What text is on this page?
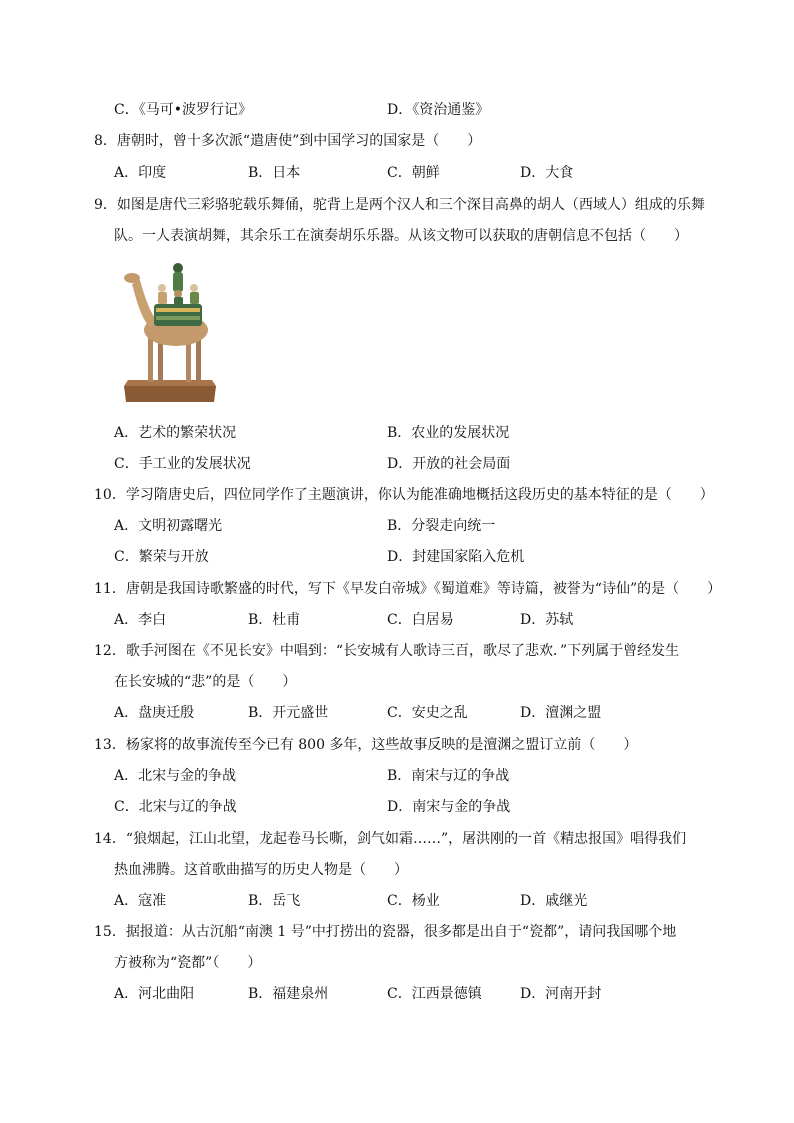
C．《马可•波罗行记》	D．《资治通鉴》
8．唐朝时，曾十多次派“遣唐使”到中国学习的国家是（　　）
A．印度	B．日本	C．朝鲜	D．大食
9．如图是唐代三彩骆驼载乐舞俑，驼背上是两个汉人和三个深目高鼻的胡人（西域人）组成的乐舞
队。一人表演胡舞，其余乐工在演奏胡乐乐器。从该文物可以获取的唐朝信息不包括（　　）
A．艺术的繁荣状况	B．农业的发展状况
C．手工业的发展状况	D．开放的社会局面
10．学习隋唐史后，四位同学作了主题演讲，你认为能准确地概括这段历史的基本特征的是（　　）
A．文明初露曙光	B．分裂走向统一
C．繁荣与开放	D．封建国家陷入危机
11．唐朝是我国诗歌繁盛的时代，写下《早发白帝城》《蜀道难》等诗篇，被誉为“诗仙”的是（　　）
A．李白	B．杜甫	C．白居易	D．苏轼
12．歌手河图在《不见长安》中唱到：“长安城有人歌诗三百，歌尽了悲欢．”下列属于曾经发生
在长安城的“悲”的是（　　）
A．盘庚迁殷	B．开元盛世	C．安史之乱	D．澶渊之盟
13．杨家将的故事流传至今已有 800 多年，这些故事反映的是澶渊之盟订立前（　　）
A．北宋与金的争战	B．南宋与辽的争战
C．北宋与辽的争战	D．南宋与金的争战
14．“狼烟起，江山北望，龙起卷马长嘶，剑气如霜……”，屠洪刚的一首《精忠报国》唱得我们
热血沸腾。这首歌曲描写的历史人物是（　　）
A．寇准	B．岳飞	C．杨业	D．戚继光
15．据报道：从古沉船“南澳 1 号”中打捞出的瓷器，很多都是出自于“瓷都”，请问我国哪个地
方被称为“瓷都”（　　）
A．河北曲阳	B．福建泉州	C．江西景德镇	D．河南开封
